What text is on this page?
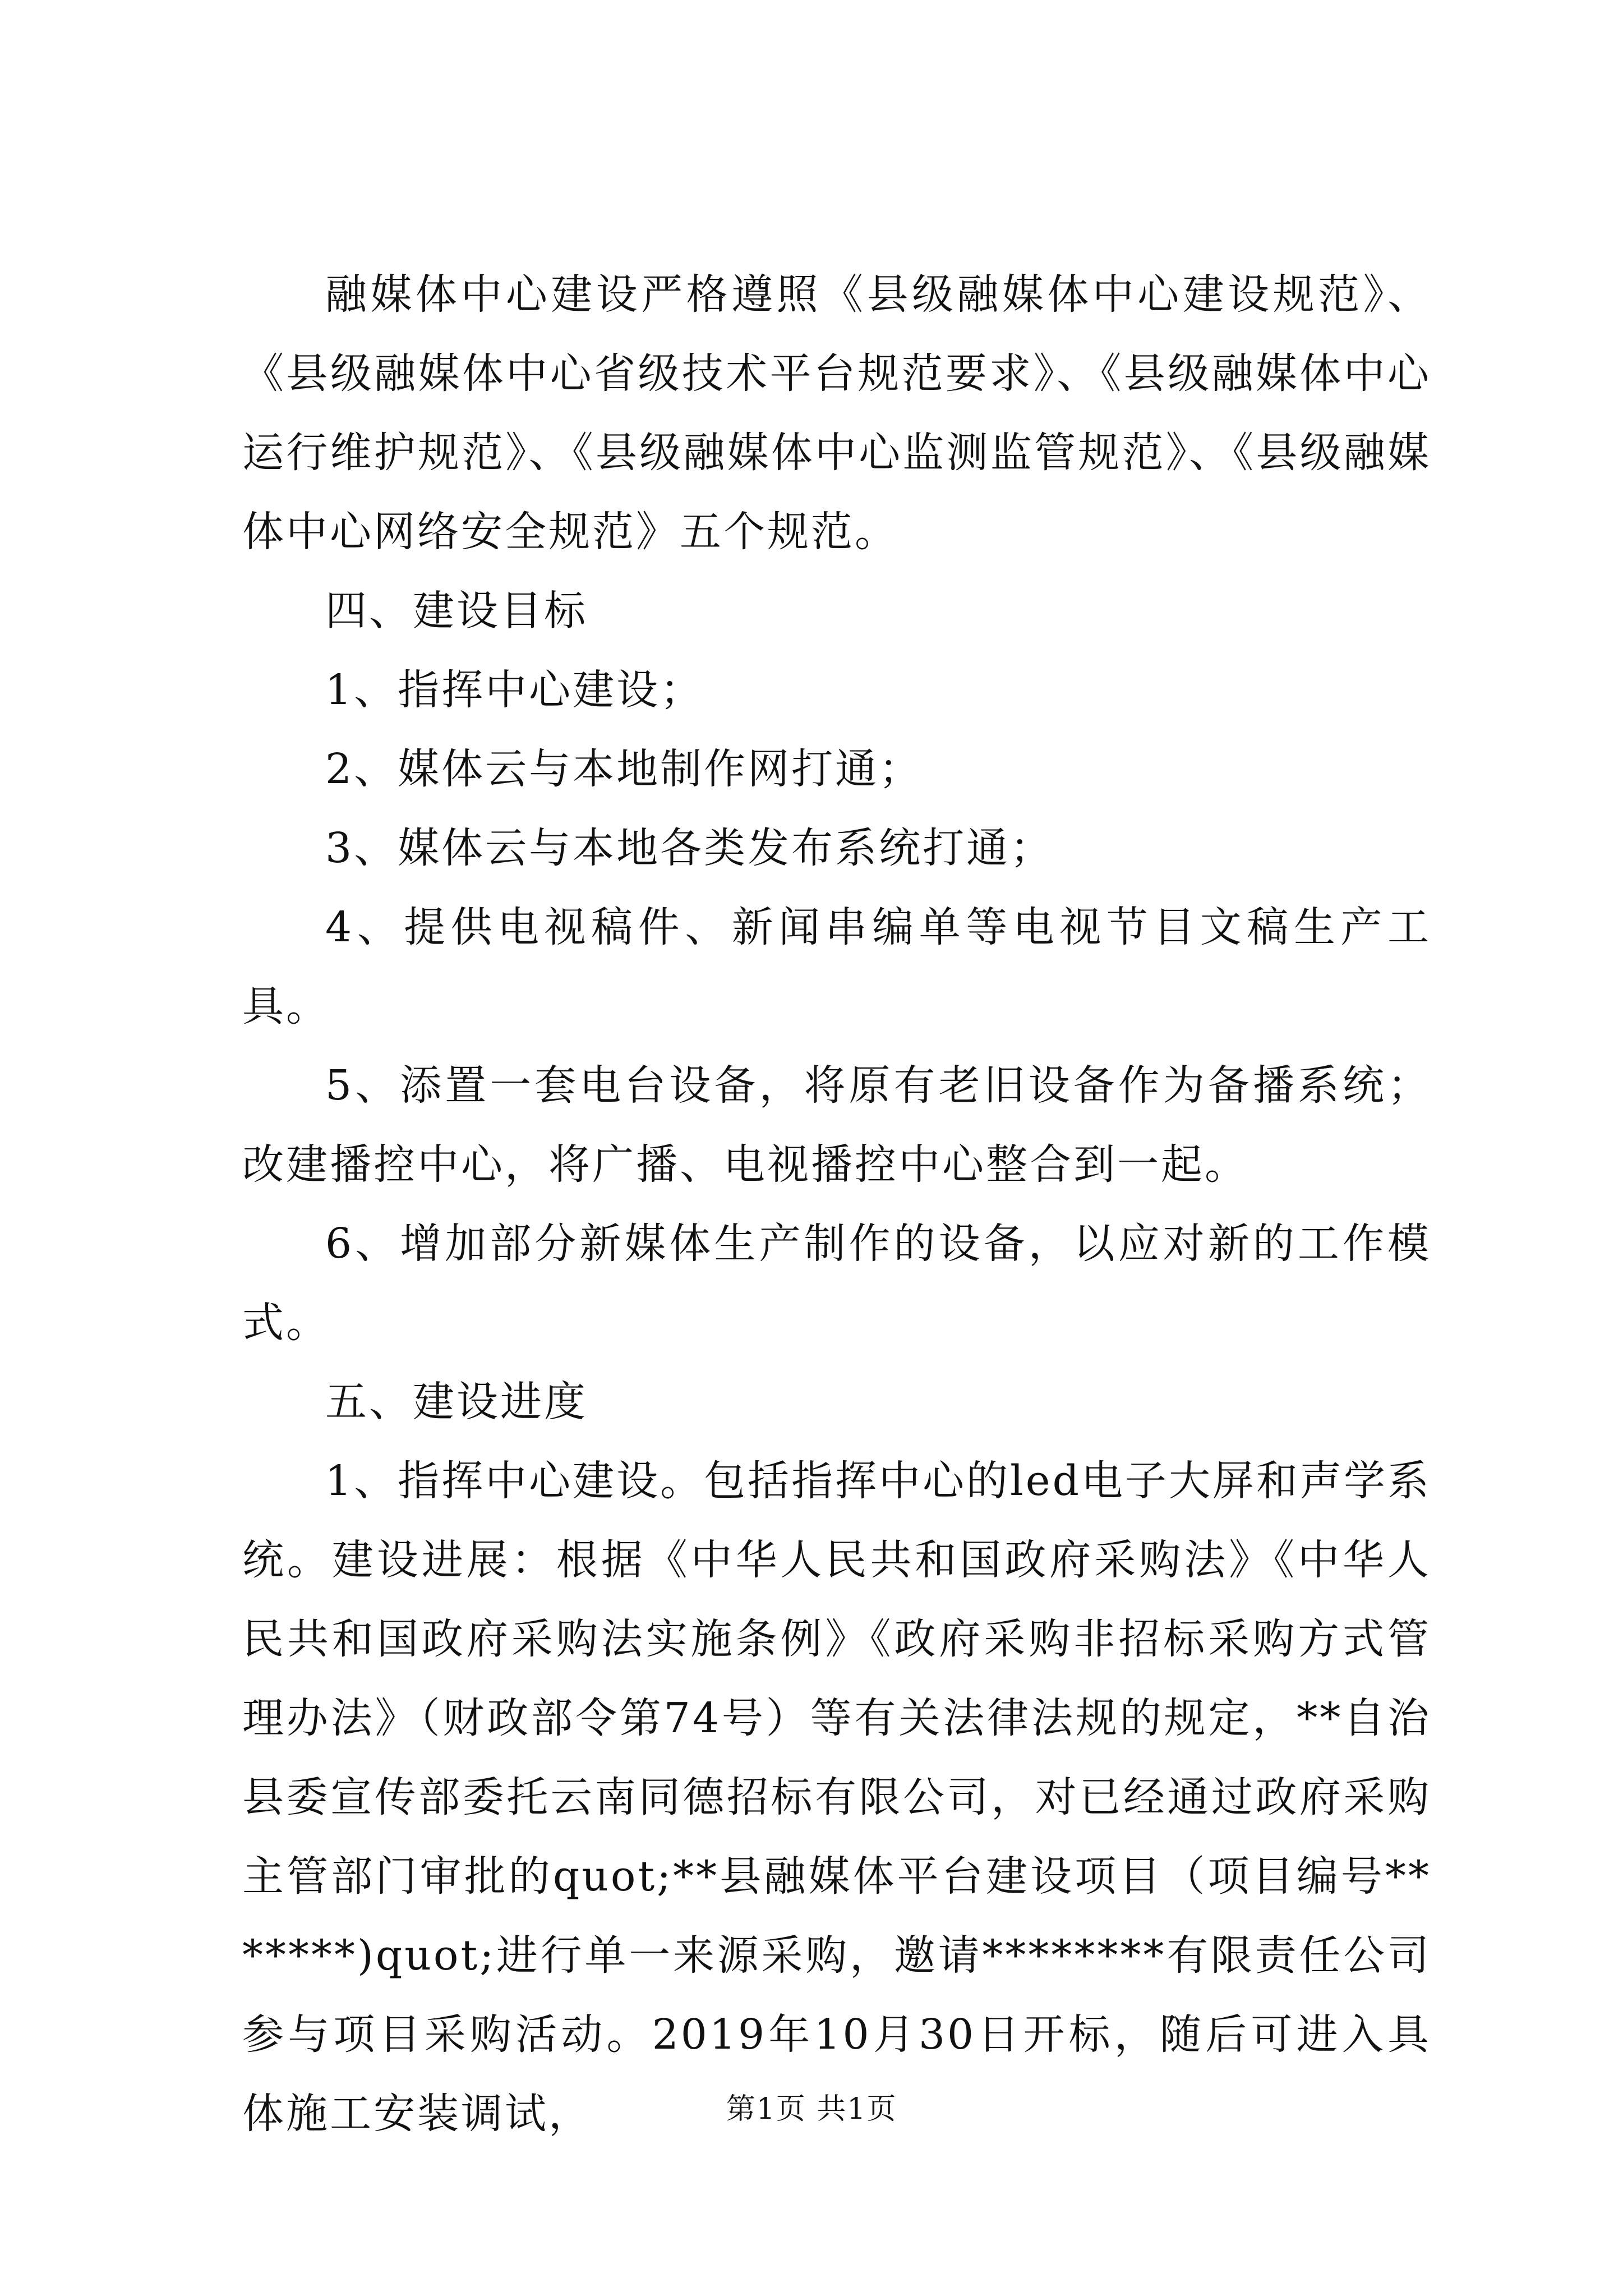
融媒体中心建设严格遵照《县级融媒体中心建设规范》、《县级融媒体中心省级技术平台规范要求》、《县级融媒体中心运行维护规范》、《县级融媒体中心监测监管规范》、《县级融媒体中心网络安全规范》五个规范。

四、建设目标

1、指挥中心建设；

2、媒体云与本地制作网打通；

3、媒体云与本地各类发布系统打通；

4、提供电视稿件、新闻串编单等电视节目文稿生产工具。

5、添置一套电台设备，将原有老旧设备作为备播系统；改建播控中心，将广播、电视播控中心整合到一起。

6、增加部分新媒体生产制作的设备，以应对新的工作模式。

五、建设进度

1、指挥中心建设。包括指挥中心的led电子大屏和声学系统。建设进展：根据《中华人民共和国政府采购法》《中华人民共和国政府采购法实施条例》《政府采购非招标采购方式管理办法》（财政部令第74号）等有关法律法规的规定，**自治县委宣传部委托云南同德招标有限公司，对已经通过政府采购主管部门审批的quot;**县融媒体平台建设项目（项目编号*******)quot;进行单一来源采购，邀请********有限责任公司参与项目采购活动。2019年10月30日开标，随后可进入具体施工安装调试，	第1页 共1页
